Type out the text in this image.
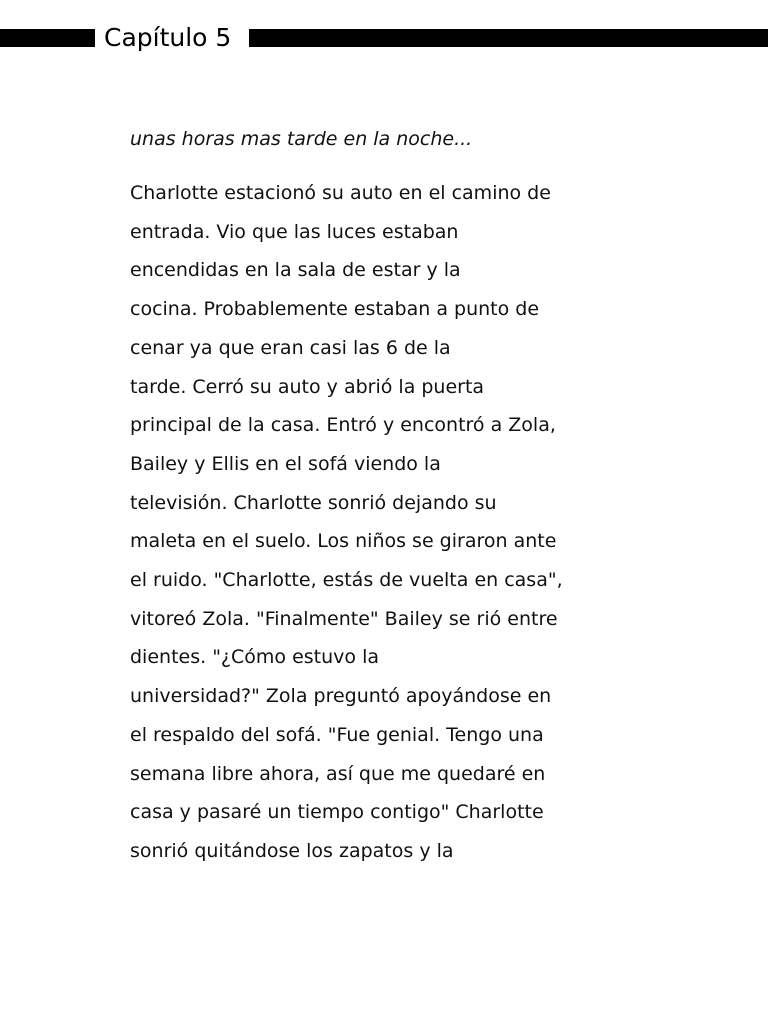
Capítulo 5

unas horas mas tarde en la noche...

Charlotte estacionó su auto en el camino de
entrada. Vio que las luces estaban
encendidas en la sala de estar y la
cocina. Probablemente estaban a punto de
cenar ya que eran casi las 6 de la
tarde. Cerró su auto y abrió la puerta
principal de la casa. Entró y encontró a Zola,
Bailey y Ellis en el sofá viendo la
televisión. Charlotte sonrió dejando su
maleta en el suelo. Los niños se giraron ante
el ruido. "Charlotte, estás de vuelta en casa",
vitoreó Zola. "Finalmente" Bailey se rió entre
dientes. "¿Cómo estuvo la
universidad?" Zola preguntó apoyándose en
el respaldo del sofá. "Fue genial. Tengo una
semana libre ahora, así que me quedaré en
casa y pasaré un tiempo contigo" Charlotte
sonrió quitándose los zapatos y la
